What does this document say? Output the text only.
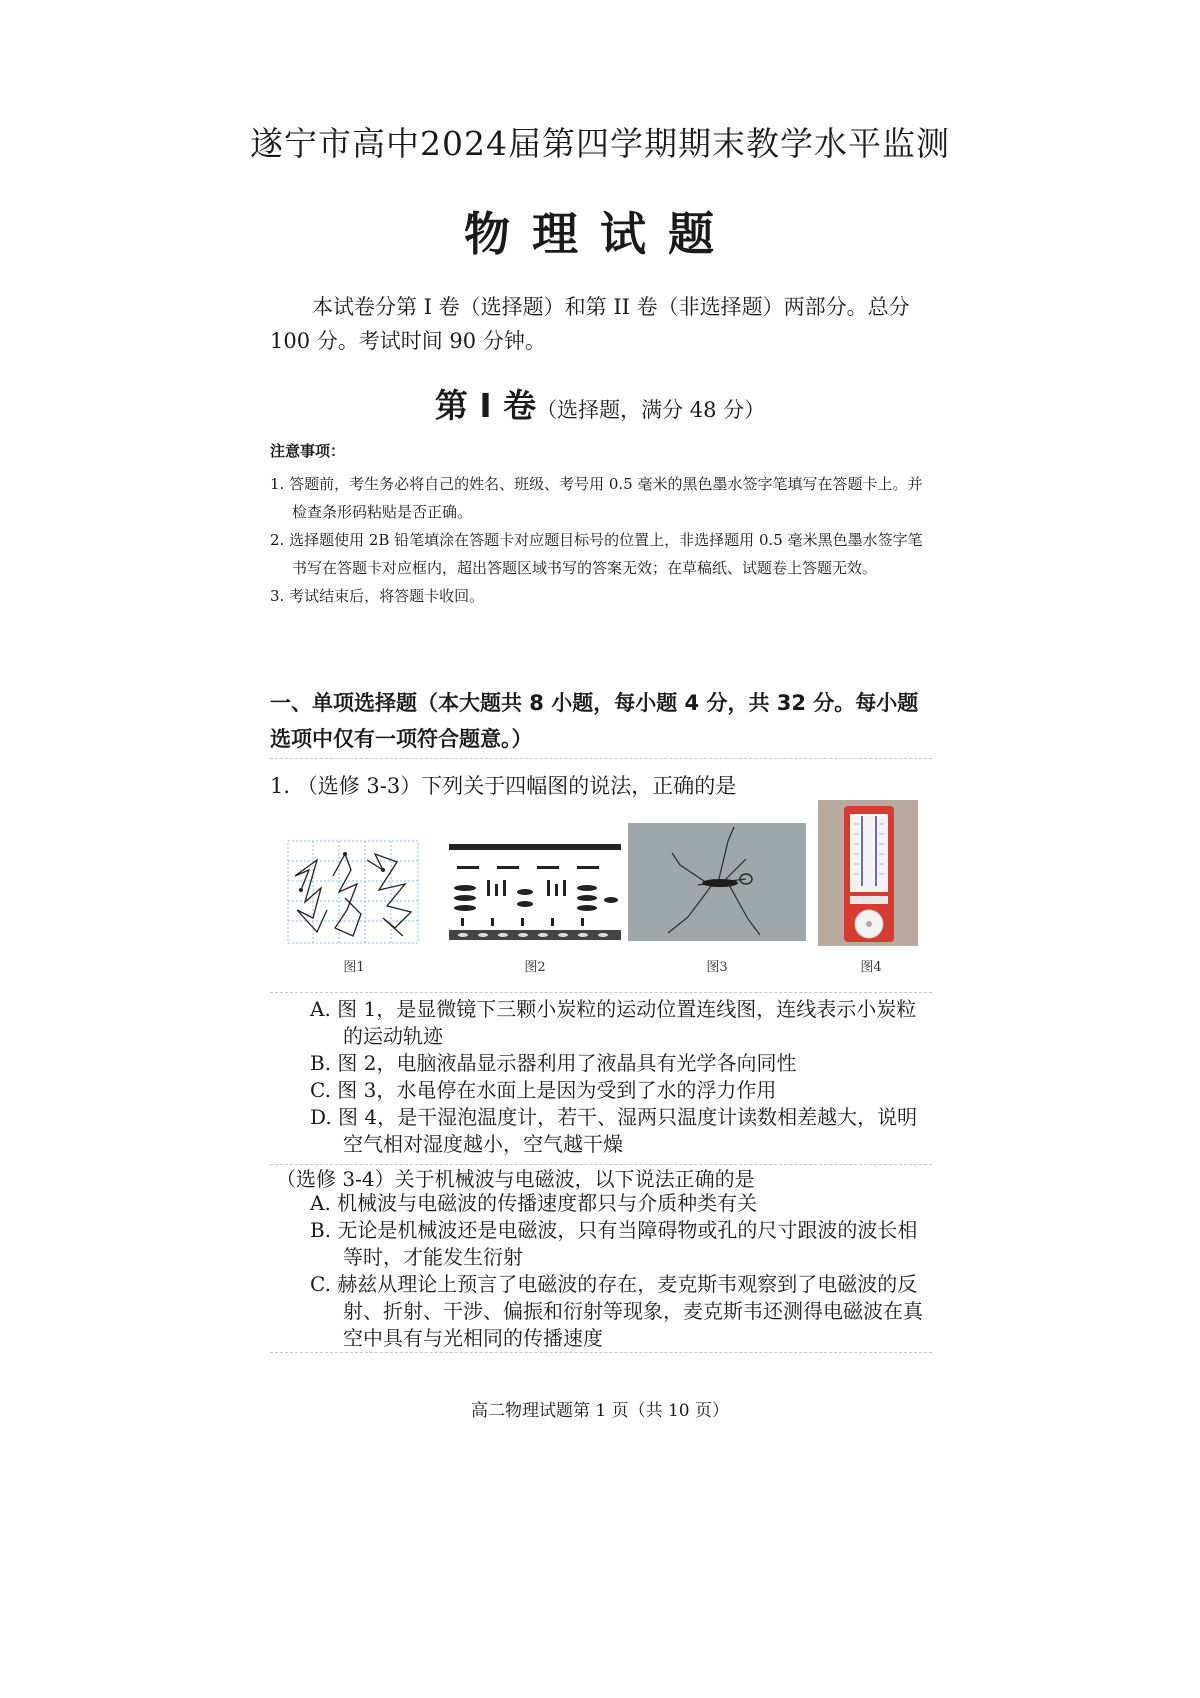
遂宁市高中2024届第四学期期末教学水平监测
物理试题
本试卷分第 I 卷（选择题）和第 II 卷（非选择题）两部分。总分 100 分。考试时间 90 分钟。
第 Ⅰ 卷（选择题，满分 48 分）
注意事项：

1. 答题前，考生务必将自己的姓名、班级、考号用 0.5 毫米的黑色墨水签字笔填写在答题卡上。并检查条形码粘贴是否正确。

2. 选择题使用 2B 铅笔填涂在答题卡对应题目标号的位置上，非选择题用 0.5 毫米黑色墨水签字笔书写在答题卡对应框内，超出答题区域书写的答案无效；在草稿纸、试题卷上答题无效。

3. 考试结束后，将答题卡收回。

一、单项选择题（本大题共 8 小题，每小题 4 分，共 32 分。每小题选项中仅有一项符合题意。）
1. （选修 3-3）下列关于四幅图的说法，正确的是
图1	图2	图3	图4

A. 图 1，是显微镜下三颗小炭粒的运动位置连线图，连线表示小炭粒的运动轨迹

B. 图 2，电脑液晶显示器利用了液晶具有光学各向同性

C. 图 3，水黾停在水面上是因为受到了水的浮力作用

D. 图 4，是干湿泡温度计，若干、湿两只温度计读数相差越大，说明空气相对湿度越小，空气越干燥

（选修 3-4）关于机械波与电磁波，以下说法正确的是

A. 机械波与电磁波的传播速度都只与介质种类有关

B. 无论是机械波还是电磁波，只有当障碍物或孔的尺寸跟波的波长相等时，才能发生衍射

C. 赫兹从理论上预言了电磁波的存在，麦克斯韦观察到了电磁波的反射、折射、干涉、偏振和衍射等现象，麦克斯韦还测得电磁波在真空中具有与光相同的传播速度

高二物理试题第 1 页（共 10 页）
